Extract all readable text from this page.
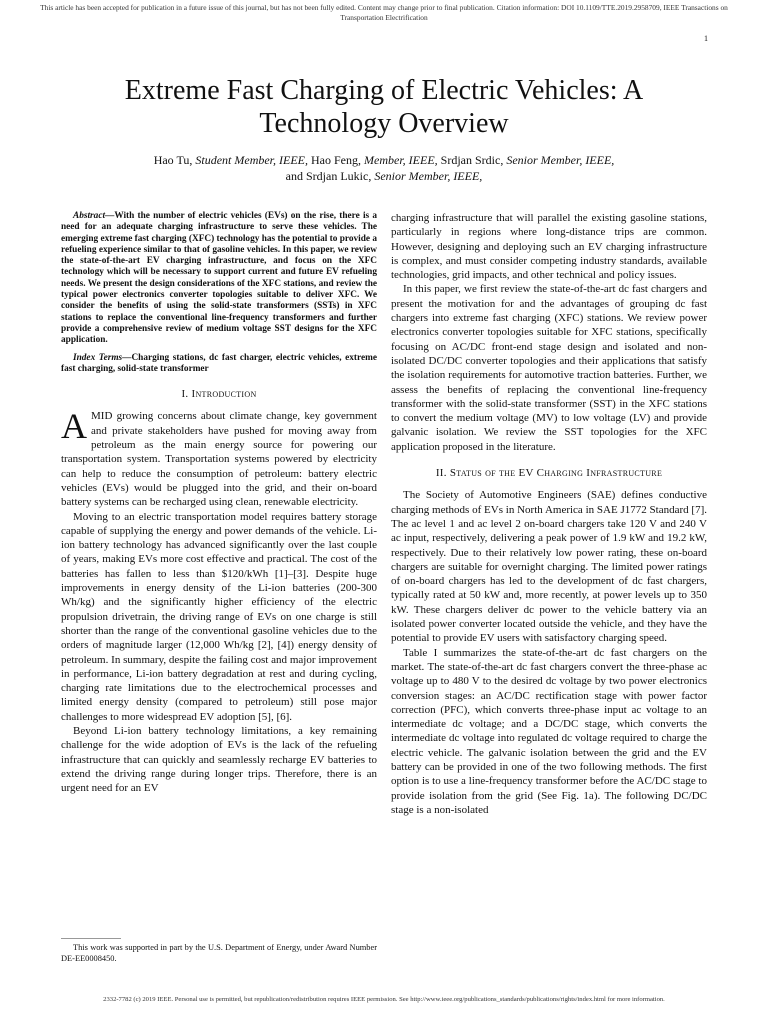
This article has been accepted for publication in a future issue of this journal, but has not been fully edited. Content may change prior to final publication. Citation information: DOI 10.1109/TTE.2019.2958709, IEEE Transactions on Transportation Electrification
1
Extreme Fast Charging of Electric Vehicles: A Technology Overview
Hao Tu, Student Member, IEEE, Hao Feng, Member, IEEE, Srdjan Srdic, Senior Member, IEEE,
and Srdjan Lukic, Senior Member, IEEE,

Abstract—With the number of electric vehicles (EVs) on the rise, there is a need for an adequate charging infrastructure to serve these vehicles. The emerging extreme fast charging (XFC) technology has the potential to provide a refueling experience similar to that of gasoline vehicles. In this paper, we review the state-of-the-art EV charging infrastructure, and focus on the XFC technology which will be necessary to support current and future EV refueling needs. We present the design considerations of the XFC stations, and review the typical power electronics converter topologies suitable to deliver XFC. We consider the benefits of using the solid-state transformers (SSTs) in XFC stations to replace the conventional line-frequency transformers and further provide a comprehensive review of medium voltage SST designs for the XFC application.

Index Terms—Charging stations, dc fast charger, electric vehicles, extreme fast charging, solid-state transformer

I. Introduction

AMID growing concerns about climate change, key government and private stakeholders have pushed for moving away from petroleum as the main energy source for powering our transportation system. Transportation systems powered by electricity can help to reduce the consumption of petroleum: battery electric vehicles (EVs) would be plugged into the grid, and their on-board battery systems can be recharged using clean, renewable electricity.

Moving to an electric transportation model requires battery storage capable of supplying the energy and power demands of the vehicle. Li-ion battery technology has advanced significantly over the last couple of years, making EVs more cost effective and practical. The cost of the batteries has fallen to less than $120/kWh [1]–[3]. Despite huge improvements in energy density of the Li-ion batteries (200-300 Wh/kg) and the significantly higher efficiency of the electric propulsion drivetrain, the driving range of EVs on one charge is still shorter than the range of the conventional gasoline vehicles due to the orders of magnitude larger (12,000 Wh/kg [2], [4]) energy density of petroleum. In summary, despite the failing cost and major improvement in performance, Li-ion battery degradation at rest and during cycling, charging rate limitations due to the electrochemical processes and limited energy density (compared to petroleum) still pose major challenges to more widespread EV adoption [5], [6].

Beyond Li-ion battery technology limitations, a key remaining challenge for the wide adoption of EVs is the lack of the refueling infrastructure that can quickly and seamlessly recharge EV batteries to extend the driving range during longer trips. Therefore, there is an urgent need for an EV

charging infrastructure that will parallel the existing gasoline stations, particularly in regions where long-distance trips are common. However, designing and deploying such an EV charging infrastructure is complex, and must consider competing industry standards, available technologies, grid impacts, and other technical and policy issues.

In this paper, we first review the state-of-the-art dc fast chargers and present the motivation for and the advantages of grouping dc fast chargers into extreme fast charging (XFC) stations. We review power electronics converter topologies suitable for XFC stations, specifically focusing on AC/DC front-end stage design and isolated and non-isolated DC/DC converter topologies and their applications that satisfy the isolation requirements for automotive traction batteries. Further, we assess the benefits of replacing the conventional line-frequency transformer with the solid-state transformer (SST) in the XFC stations to convert the medium voltage (MV) to low voltage (LV) and provide galvanic isolation. We review the SST topologies for the XFC application proposed in the literature.

II. Status of the EV Charging Infrastructure

The Society of Automotive Engineers (SAE) defines conductive charging methods of EVs in North America in SAE J1772 Standard [7]. The ac level 1 and ac level 2 on-board chargers take 120 V and 240 V ac input, respectively, delivering a peak power of 1.9 kW and 19.2 kW, respectively. Due to their relatively low power rating, these on-board chargers are suitable for overnight charging. The limited power ratings of on-board chargers has led to the development of dc fast chargers, typically rated at 50 kW and, more recently, at power levels up to 350 kW. These chargers deliver dc power to the vehicle battery via an isolated power converter located outside the vehicle, and they have the potential to provide EV users with satisfactory charging speed.

Table I summarizes the state-of-the-art dc fast chargers on the market. The state-of-the-art dc fast chargers convert the three-phase ac voltage up to 480 V to the desired dc voltage by two power electronics conversion stages: an AC/DC rectification stage with power factor correction (PFC), which converts three-phase input ac voltage to an intermediate dc voltage; and a DC/DC stage, which converts the intermediate dc voltage into regulated dc voltage required to charge the electric vehicle. The galvanic isolation between the grid and the EV battery can be provided in one of the two following methods. The first option is to use a line-frequency transformer before the AC/DC stage to provide isolation from the grid (See Fig. 1a). The following DC/DC stage is a non-isolated

This work was supported in part by the U.S. Department of Energy, under Award Number DE-EE0008450.
2332-7782 (c) 2019 IEEE. Personal use is permitted, but republication/redistribution requires IEEE permission. See http://www.ieee.org/publications_standards/publications/rights/index.html for more information.
